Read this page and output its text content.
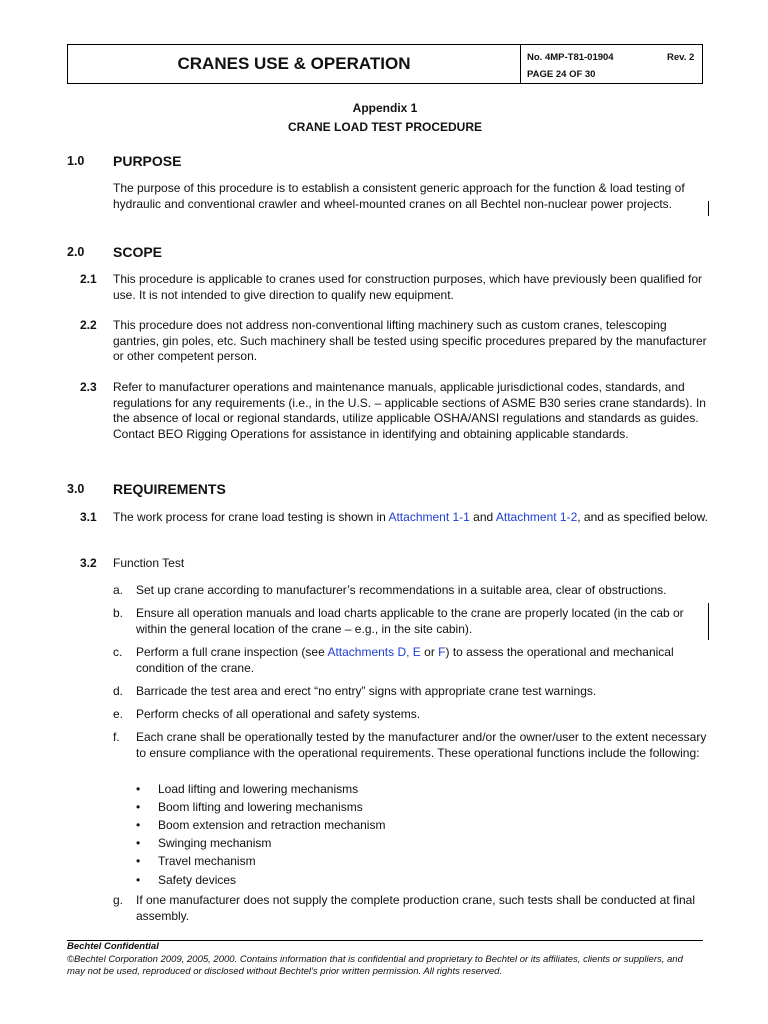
CRANES USE & OPERATION	No. 4MP-T81-01904	Rev. 2
PAGE 24 OF 30
Appendix 1
CRANE LOAD TEST PROCEDURE
1.0 PURPOSE
The purpose of this procedure is to establish a consistent generic approach for the function & load testing of hydraulic and conventional crawler and wheel-mounted cranes on all Bechtel non-nuclear power projects.
2.0 SCOPE
2.1 This procedure is applicable to cranes used for construction purposes, which have previously been qualified for use. It is not intended to give direction to qualify new equipment.
2.2 This procedure does not address non-conventional lifting machinery such as custom cranes, telescoping gantries, gin poles, etc. Such machinery shall be tested using specific procedures prepared by the manufacturer or other competent person.
2.3 Refer to manufacturer operations and maintenance manuals, applicable jurisdictional codes, standards, and regulations for any requirements (i.e., in the U.S. – applicable sections of ASME B30 series crane standards). In the absence of local or regional standards, utilize applicable OSHA/ANSI regulations and standards as guides. Contact BEO Rigging Operations for assistance in identifying and obtaining applicable standards.
3.0 REQUIREMENTS
3.1 The work process for crane load testing is shown in Attachment 1-1 and Attachment 1-2, and as specified below.
3.2 Function Test
a. Set up crane according to manufacturer’s recommendations in a suitable area, clear of obstructions.
b. Ensure all operation manuals and load charts applicable to the crane are properly located (in the cab or within the general location of the crane – e.g., in the site cabin).
c. Perform a full crane inspection (see Attachments D, E or F) to assess the operational and mechanical condition of the crane.
d. Barricade the test area and erect “no entry” signs with appropriate crane test warnings.
e. Perform checks of all operational and safety systems.
f. Each crane shall be operationally tested by the manufacturer and/or the owner/user to the extent necessary to ensure compliance with the operational requirements. These operational functions include the following:
• Load lifting and lowering mechanisms
• Boom lifting and lowering mechanisms
• Boom extension and retraction mechanism
• Swinging mechanism
• Travel mechanism
• Safety devices
g. If one manufacturer does not supply the complete production crane, such tests shall be conducted at final assembly.
Bechtel Confidential
©Bechtel Corporation 2009, 2005, 2000. Contains information that is confidential and proprietary to Bechtel or its affiliates, clients or suppliers, and may not be used, reproduced or disclosed without Bechtel’s prior written permission. All rights reserved.
